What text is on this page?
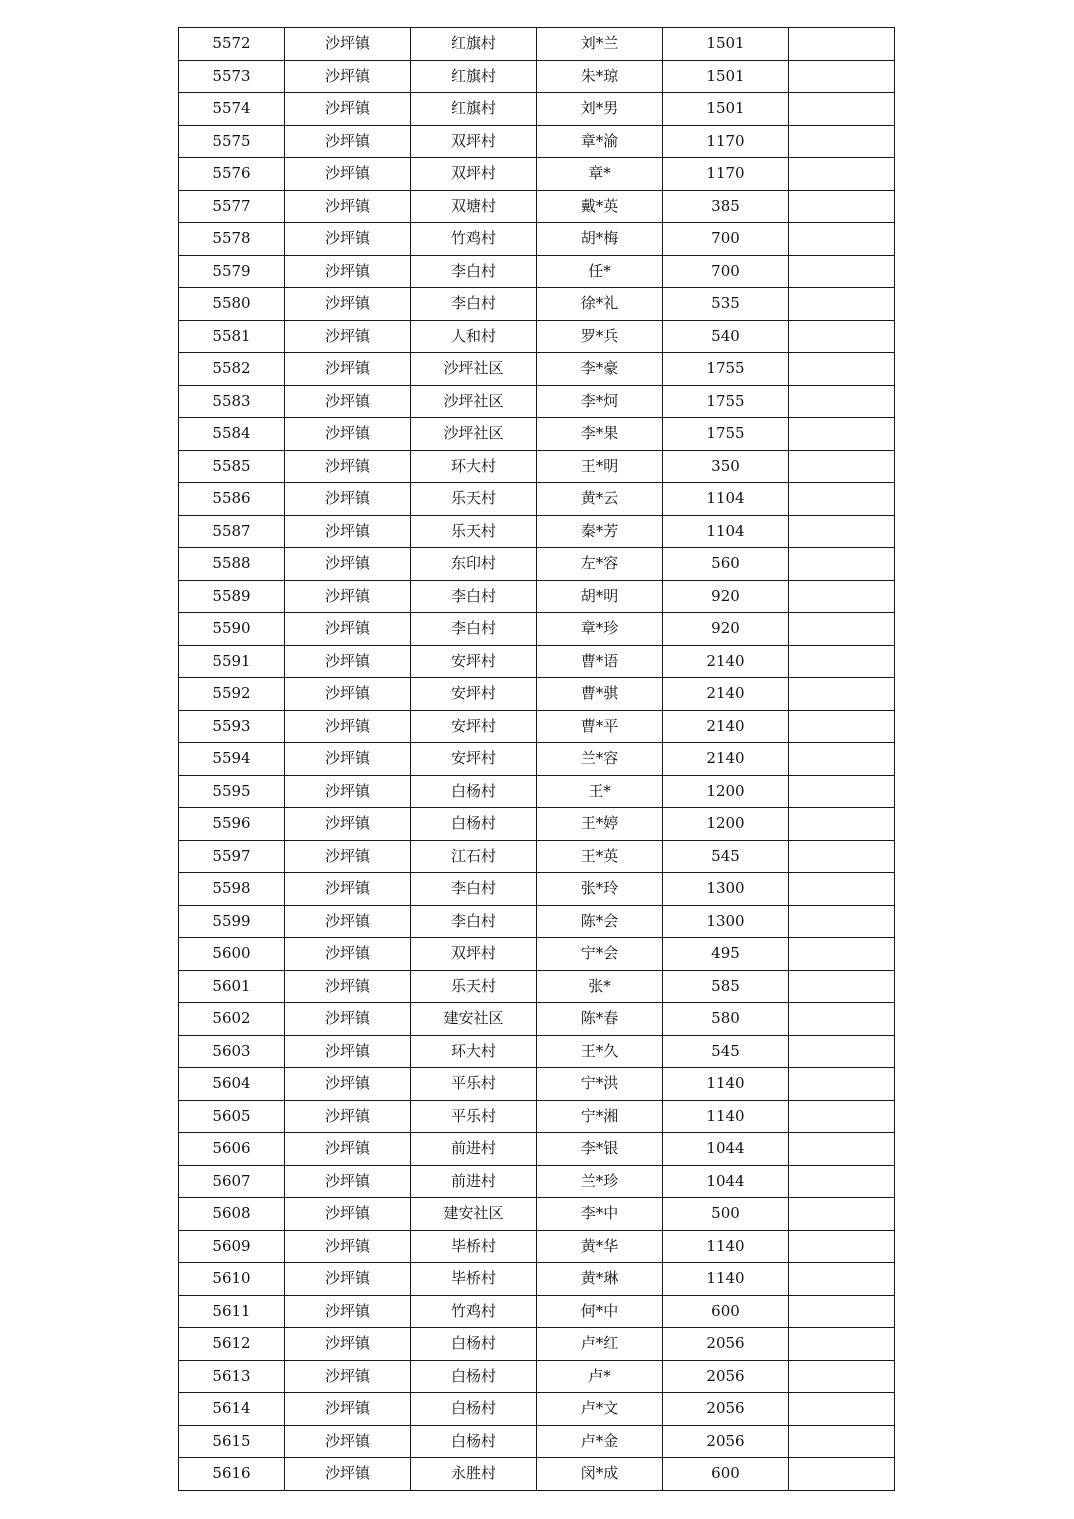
5572	沙坪镇	红旗村	刘*兰	1501	
5573	沙坪镇	红旗村	朱*琼	1501	
5574	沙坪镇	红旗村	刘*男	1501	
5575	沙坪镇	双坪村	章*渝	1170	
5576	沙坪镇	双坪村	章*	1170	
5577	沙坪镇	双塘村	戴*英	385	
5578	沙坪镇	竹鸡村	胡*梅	700	
5579	沙坪镇	李白村	任*	700	
5580	沙坪镇	李白村	徐*礼	535	
5581	沙坪镇	人和村	罗*兵	540	
5582	沙坪镇	沙坪社区	李*豪	1755	
5583	沙坪镇	沙坪社区	李*炣	1755	
5584	沙坪镇	沙坪社区	李*果	1755	
5585	沙坪镇	环大村	王*明	350	
5586	沙坪镇	乐天村	黄*云	1104	
5587	沙坪镇	乐天村	秦*芳	1104	
5588	沙坪镇	东印村	左*容	560	
5589	沙坪镇	李白村	胡*明	920	
5590	沙坪镇	李白村	章*珍	920	
5591	沙坪镇	安坪村	曹*语	2140	
5592	沙坪镇	安坪村	曹*骐	2140	
5593	沙坪镇	安坪村	曹*平	2140	
5594	沙坪镇	安坪村	兰*容	2140	
5595	沙坪镇	白杨村	王*	1200	
5596	沙坪镇	白杨村	王*婷	1200	
5597	沙坪镇	江石村	王*英	545	
5598	沙坪镇	李白村	张*玲	1300	
5599	沙坪镇	李白村	陈*会	1300	
5600	沙坪镇	双坪村	宁*会	495	
5601	沙坪镇	乐天村	张*	585	
5602	沙坪镇	建安社区	陈*春	580	
5603	沙坪镇	环大村	王*久	545	
5604	沙坪镇	平乐村	宁*洪	1140	
5605	沙坪镇	平乐村	宁*湘	1140	
5606	沙坪镇	前进村	李*银	1044	
5607	沙坪镇	前进村	兰*珍	1044	
5608	沙坪镇	建安社区	李*中	500	
5609	沙坪镇	毕桥村	黄*华	1140	
5610	沙坪镇	毕桥村	黄*琳	1140	
5611	沙坪镇	竹鸡村	何*中	600	
5612	沙坪镇	白杨村	卢*红	2056	
5613	沙坪镇	白杨村	卢*	2056	
5614	沙坪镇	白杨村	卢*文	2056	
5615	沙坪镇	白杨村	卢*金	2056	
5616	沙坪镇	永胜村	闵*成	600	
